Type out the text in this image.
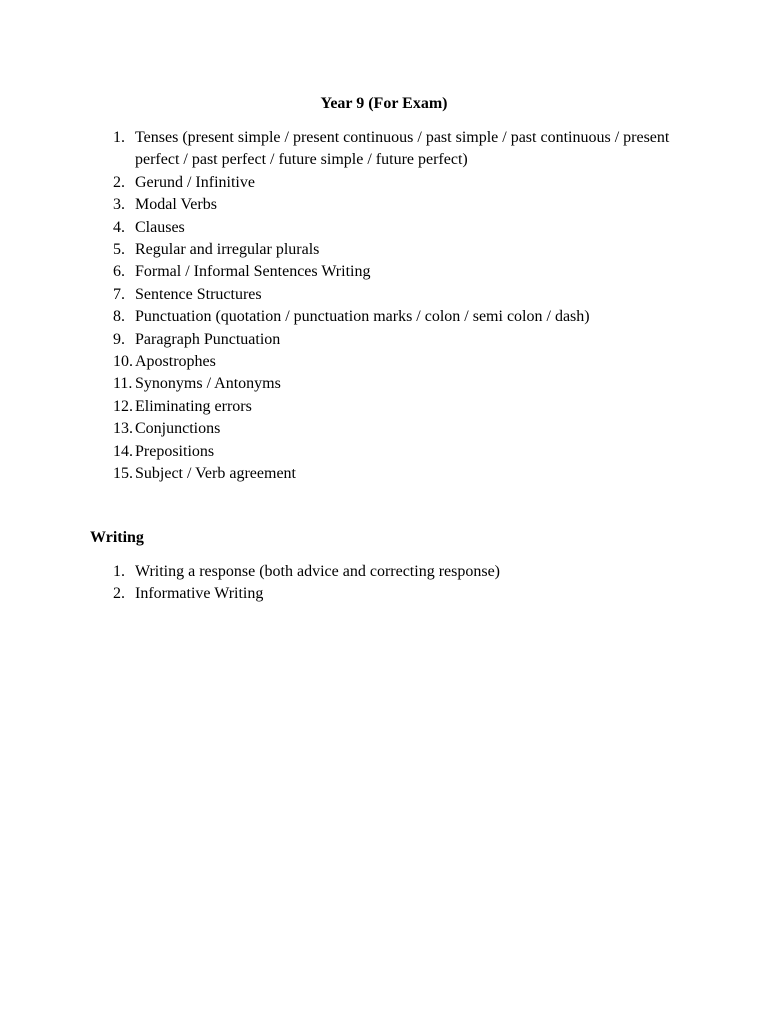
Year 9 (For Exam)
1. Tenses (present simple / present continuous / past simple / past continuous / present perfect / past perfect / future simple / future perfect)
2. Gerund / Infinitive
3. Modal Verbs
4. Clauses
5. Regular and irregular plurals
6. Formal / Informal Sentences Writing
7. Sentence Structures
8. Punctuation (quotation / punctuation marks / colon / semi colon / dash)
9. Paragraph Punctuation
10. Apostrophes
11. Synonyms / Antonyms
12. Eliminating errors
13. Conjunctions
14. Prepositions
15. Subject / Verb agreement
Writing
1. Writing a response (both advice and correcting response)
2. Informative Writing
